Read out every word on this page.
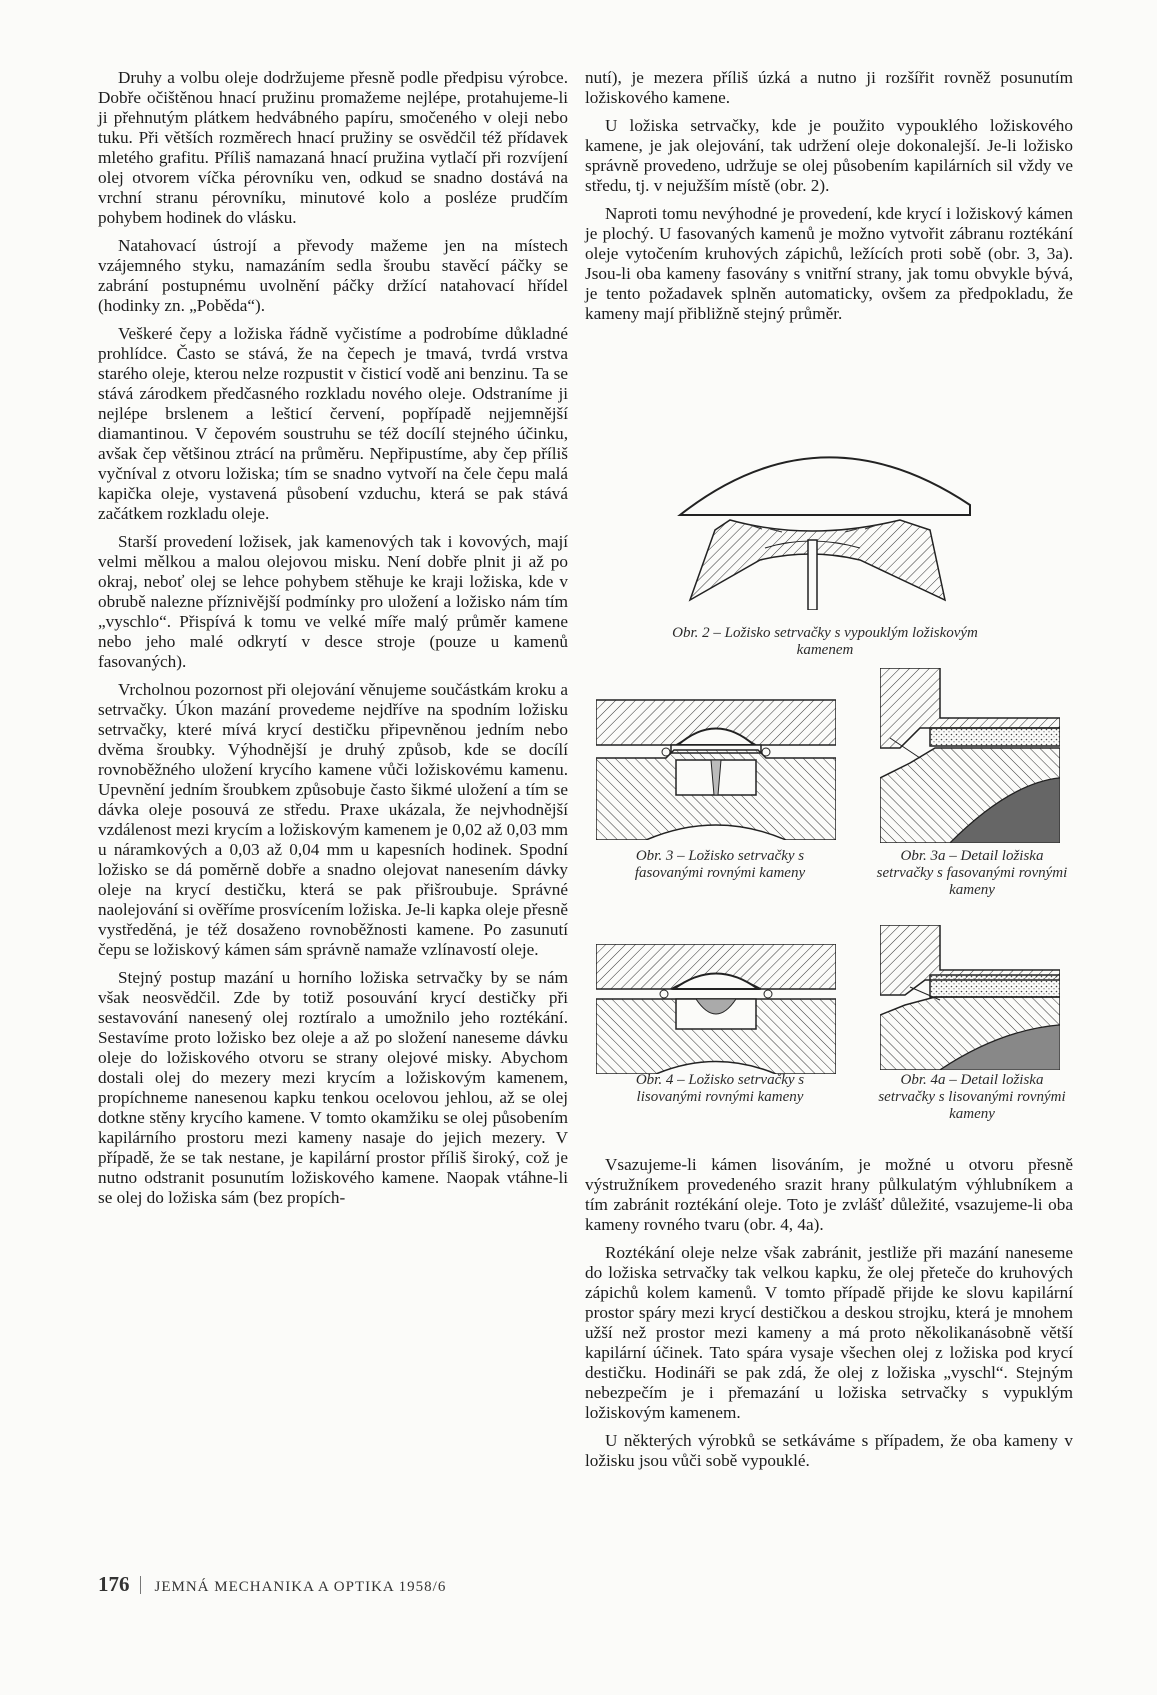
Druhy a volbu oleje dodržujeme přesně podle předpisu výrobce. Dobře očištěnou hnací pružinu promažeme nejlépe, protahujeme-li ji přehnutým plátkem hedvábného papíru, smočeného v oleji nebo tuku. Při větších rozměrech hnací pružiny se osvědčil též přídavek mletého grafitu. Příliš namazaná hnací pružina vytlačí při rozvíjení olej otvorem víčka pérovníku ven, odkud se snadno dostává na vrchní stranu pérovníku, minutové kolo a posléze prudčím pohybem hodinek do vlásku.

Natahovací ústrojí a převody mažeme jen na místech vzájemného styku, namazáním sedla šroubu stavěcí páčky se zabrání postupnému uvolnění páčky držící natahovací hřídel (hodinky zn. „Poběda“).

Veškeré čepy a ložiska řádně vyčistíme a podrobíme důkladné prohlídce. Často se stává, že na čepech je tmavá, tvrdá vrstva starého oleje, kterou nelze rozpustit v čisticí vodě ani benzinu. Ta se stává zárodkem předčasného rozkladu nového oleje. Odstraníme ji nejlépe brslenem a lešticí červení, popřípadě nejjemnější diamantinou. V čepovém soustruhu se též docílí stejného účinku, avšak čep většinou ztrácí na průměru. Nepřipustíme, aby čep příliš vyčníval z otvoru ložiska; tím se snadno vytvoří na čele čepu malá kapička oleje, vystavená působení vzduchu, která se pak stává začátkem rozkladu oleje.

Starší provedení ložisek, jak kamenových tak i kovových, mají velmi mělkou a malou olejovou misku. Není dobře plnit ji až po okraj, neboť olej se lehce pohybem stěhuje ke kraji ložiska, kde v obrubě nalezne příznivější podmínky pro uložení a ložisko nám tím „vyschlo“. Přispívá k tomu ve velké míře malý průměr kamene nebo jeho malé odkrytí v desce stroje (pouze u kamenů fasovaných).

Vrcholnou pozornost při olejování věnujeme součástkám kroku a setrvačky. Úkon mazání provedeme nejdříve na spodním ložisku setrvačky, které mívá krycí destičku připevněnou jedním nebo dvěma šroubky. Výhodnější je druhý způsob, kde se docílí rovnoběžného uložení krycího kamene vůči ložiskovému kamenu. Upevnění jedním šroubkem způsobuje často šikmé uložení a tím se dávka oleje posouvá ze středu. Praxe ukázala, že nejvhodnější vzdálenost mezi krycím a ložiskovým kamenem je 0,02 až 0,03 mm u náramkových a 0,03 až 0,04 mm u kapesních hodinek. Spodní ložisko se dá poměrně dobře a snadno olejovat nanesením dávky oleje na krycí destičku, která se pak přišroubuje. Správné naolejování si ověříme prosvícením ložiska. Je-li kapka oleje přesně vystředěná, je též dosaženo rovnoběžnosti kamene. Po zasunutí čepu se ložiskový kámen sám správně namaže vzlínavostí oleje.

Stejný postup mazání u horního ložiska setrvačky by se nám však neosvědčil. Zde by totiž posouvání krycí destičky při sestavování nanesený olej roztíralo a umožnilo jeho roztékání. Sestavíme proto ložisko bez oleje a až po složení naneseme dávku oleje do ložiskového otvoru se strany olejové misky. Abychom dostali olej do mezery mezi krycím a ložiskovým kamenem, propíchneme nanesenou kapku tenkou ocelovou jehlou, až se olej dotkne stěny krycího kamene. V tomto okamžiku se olej působením kapilárního prostoru mezi kameny nasaje do jejich mezery. V případě, že se tak nestane, je kapilární prostor příliš široký, což je nutno odstranit posunutím ložiskového kamene. Naopak vtáhne-li se olej do ložiska sám (bez propích-

nutí), je mezera příliš úzká a nutno ji rozšířit rovněž posunutím ložiskového kamene.

U ložiska setrvačky, kde je použito vypouklého ložiskového kamene, je jak olejování, tak udržení oleje dokonalejší. Je-li ložisko správně provedeno, udržuje se olej působením kapilárních sil vždy ve středu, tj. v nejužším místě (obr. 2).

Naproti tomu nevýhodné je provedení, kde krycí i ložiskový kámen je plochý. U fasovaných kamenů je možno vytvořit zábranu roztékání oleje vytočením kruhových zápichů, ležících proti sobě (obr. 3, 3a). Jsou-li oba kameny fasovány s vnitřní strany, jak tomu obvykle bývá, je tento požadavek splněn automaticky, ovšem za předpokladu, že kameny mají přibližně stejný průměr.

Obr. 2 – Ložisko setrvačky s vypouklým ložiskovým kamenem
Obr. 3 – Ložisko setrvačky s fasovanými rovnými kameny
Obr. 3a – Detail ložiska setrvačky s fasovanými rovnými kameny
Obr. 4 – Ložisko setrvačky s lisovanými rovnými kameny
Obr. 4a – Detail ložiska setrvačky s lisovanými rovnými kameny

Vsazujeme-li kámen lisováním, je možné u otvoru přesně výstružníkem provedeného srazit hrany půlkulatým výhlubníkem a tím zabránit roztékání oleje. Toto je zvlášť důležité, vsazujeme-li oba kameny rovného tvaru (obr. 4, 4a).

Roztékání oleje nelze však zabránit, jestliže při mazání naneseme do ložiska setrvačky tak velkou kapku, že olej přeteče do kruhových zápichů kolem kamenů. V tomto případě přijde ke slovu kapilární prostor spáry mezi krycí destičkou a deskou strojku, která je mnohem užší než prostor mezi kameny a má proto několikanásobně větší kapilární účinek. Tato spára vysaje všechen olej z ložiska pod krycí destičku. Hodináři se pak zdá, že olej z ložiska „vyschl“. Stejným nebezpečím je i přemazání u ložiska setrvačky s vypuklým ložiskovým kamenem.

U některých výrobků se setkáváme s případem, že oba kameny v ložisku jsou vůči sobě vypouklé.

176 JEMNÁ MECHANIKA A OPTIKA 1958/6
